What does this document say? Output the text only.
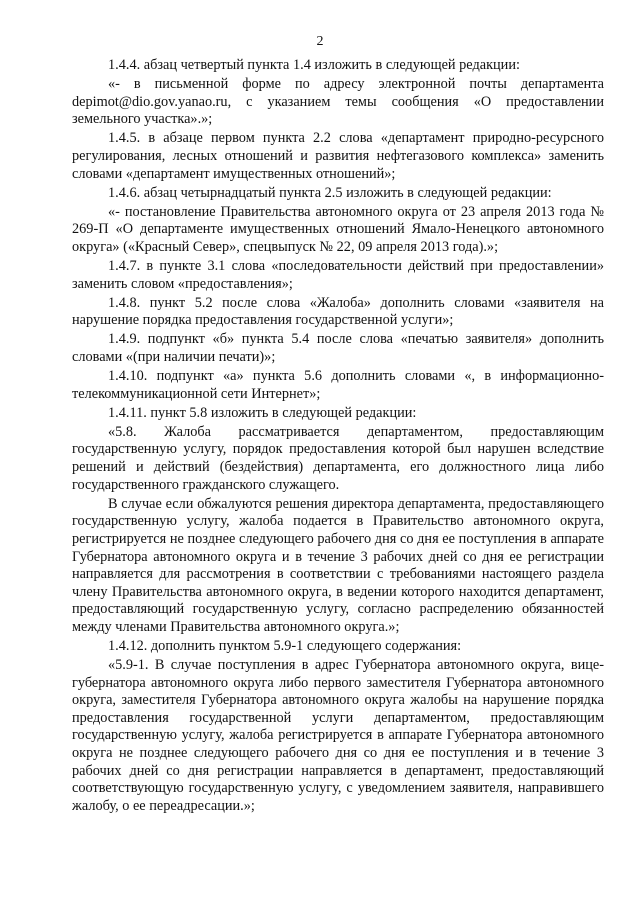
2

1.4.4. абзац четвертый пункта 1.4 изложить в следующей редакции:

«- в письменной форме по адресу электронной почты департамента depimot@dio.gov.yanao.ru, с указанием темы сообщения «О предоставлении земельного участка».»;

1.4.5. в абзаце первом пункта 2.2 слова «департамент природно-ресурсного регулирования, лесных отношений и развития нефтегазового комплекса» заменить словами «департамент имущественных отношений»;

1.4.6. абзац четырнадцатый пункта 2.5 изложить в следующей редакции:

«- постановление Правительства автономного округа от 23 апреля 2013 года № 269-П «О департаменте имущественных отношений Ямало-Ненецкого автономного округа» («Красный Север», спецвыпуск № 22, 09 апреля 2013 года).»;

1.4.7. в пункте 3.1 слова «последовательности действий при предоставлении» заменить словом «предоставления»;

1.4.8. пункт 5.2 после слова «Жалоба» дополнить словами «заявителя на нарушение порядка предоставления государственной услуги»;

1.4.9. подпункт «б» пункта 5.4 после слова «печатью заявителя» дополнить словами «(при наличии печати)»;

1.4.10. подпункт «а» пункта 5.6 дополнить словами «, в информационно-телекоммуникационной сети Интернет»;

1.4.11. пункт 5.8 изложить в следующей редакции:

«5.8. Жалоба рассматривается департаментом, предоставляющим государственную услугу, порядок предоставления которой был нарушен вследствие решений и действий (бездействия) департамента, его должностного лица либо государственного гражданского служащего.

В случае если обжалуются решения директора департамента, предоставляющего государственную услугу, жалоба подается в Правительство автономного округа, регистрируется не позднее следующего рабочего дня со дня ее поступления в аппарате Губернатора автономного округа и в течение 3 рабочих дней со дня ее регистрации направляется для рассмотрения в соответствии с требованиями настоящего раздела члену Правительства автономного округа, в ведении которого находится департамент, предоставляющий государственную услугу, согласно распределению обязанностей между членами Правительства автономного округа.»;

1.4.12. дополнить пунктом 5.9-1 следующего содержания:

«5.9-1. В случае поступления в адрес Губернатора автономного округа, вице-губернатора автономного округа либо первого заместителя Губернатора автономного округа, заместителя Губернатора автономного округа жалобы на нарушение порядка предоставления государственной услуги департаментом, предоставляющим государственную услугу, жалоба регистрируется в аппарате Губернатора автономного округа не позднее следующего рабочего дня со дня ее поступления и в течение 3 рабочих дней со дня регистрации направляется в департамент, предоставляющий соответствующую государственную услугу, с уведомлением заявителя, направившего жалобу, о ее переадресации.»;
